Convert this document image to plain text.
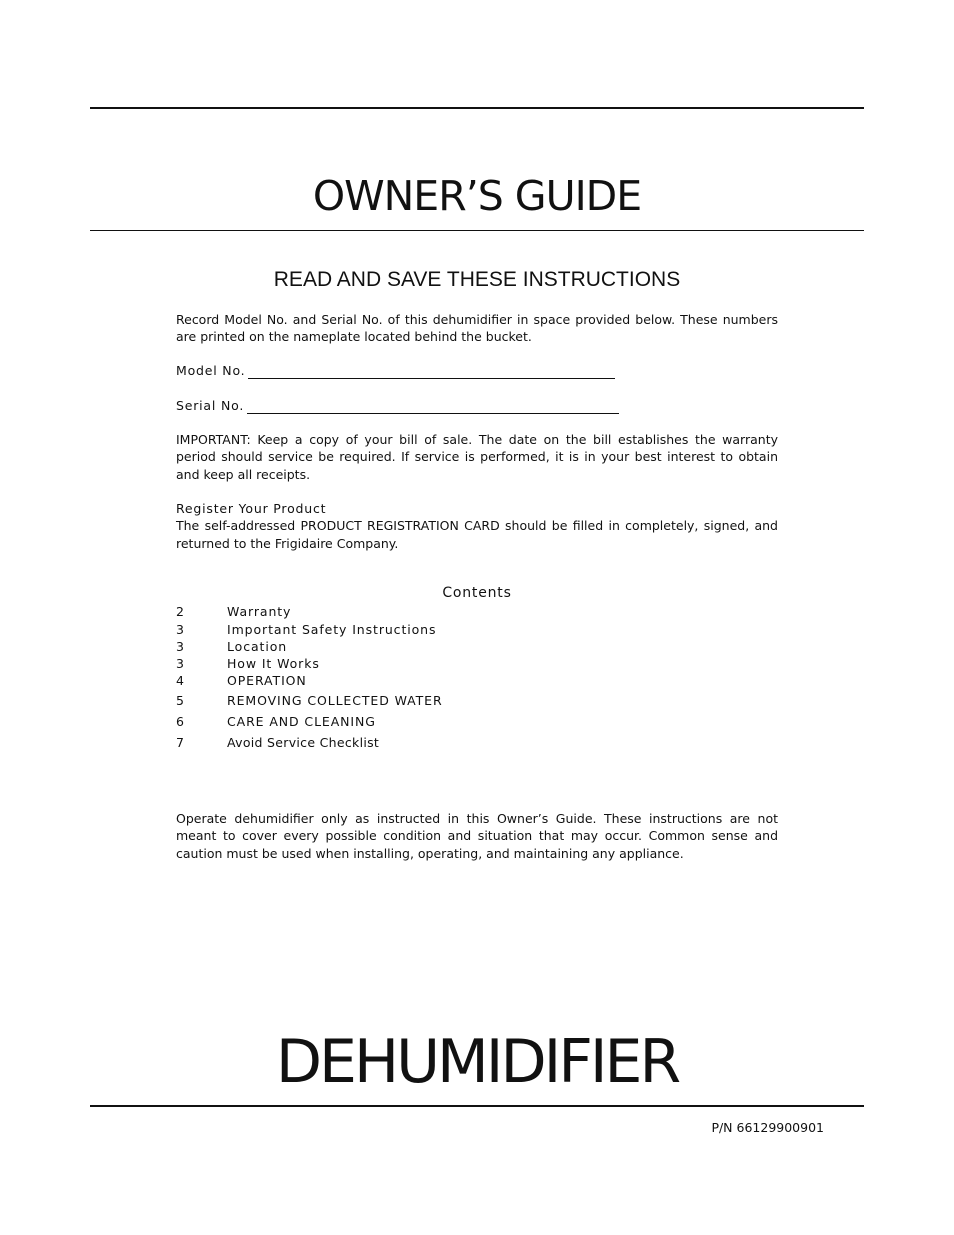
OWNER’S GUIDE
READ AND SAVE THESE INSTRUCTIONS

Record Model No. and Serial No. of this dehumidifier in space provided below. These numbers are printed on the nameplate located behind the bucket.

Model No.
Serial No.

IMPORTANT: Keep a copy of your bill of sale. The date on the bill establishes the warranty period should service be required. If service is performed, it is in your best interest to obtain and keep all receipts.

Register Your Product
The self-addressed PRODUCT REGISTRATION CARD should be filled in completely, signed, and returned to the Frigidaire Company.
Contents
2	Warranty
3	Important Safety Instructions
3	Location
3	How It Works
4	OPERATION
5	REMOVING COLLECTED WATER
6	CARE AND CLEANING
7	Avoid Service Checklist

Operate dehumidifier only as instructed in this Owner’s Guide. These instructions are not meant to cover every possible condition and situation that may occur. Common sense and caution must be used when installing, operating, and maintaining any appliance.

DEHUMIDIFIER
P/N 66129900901
